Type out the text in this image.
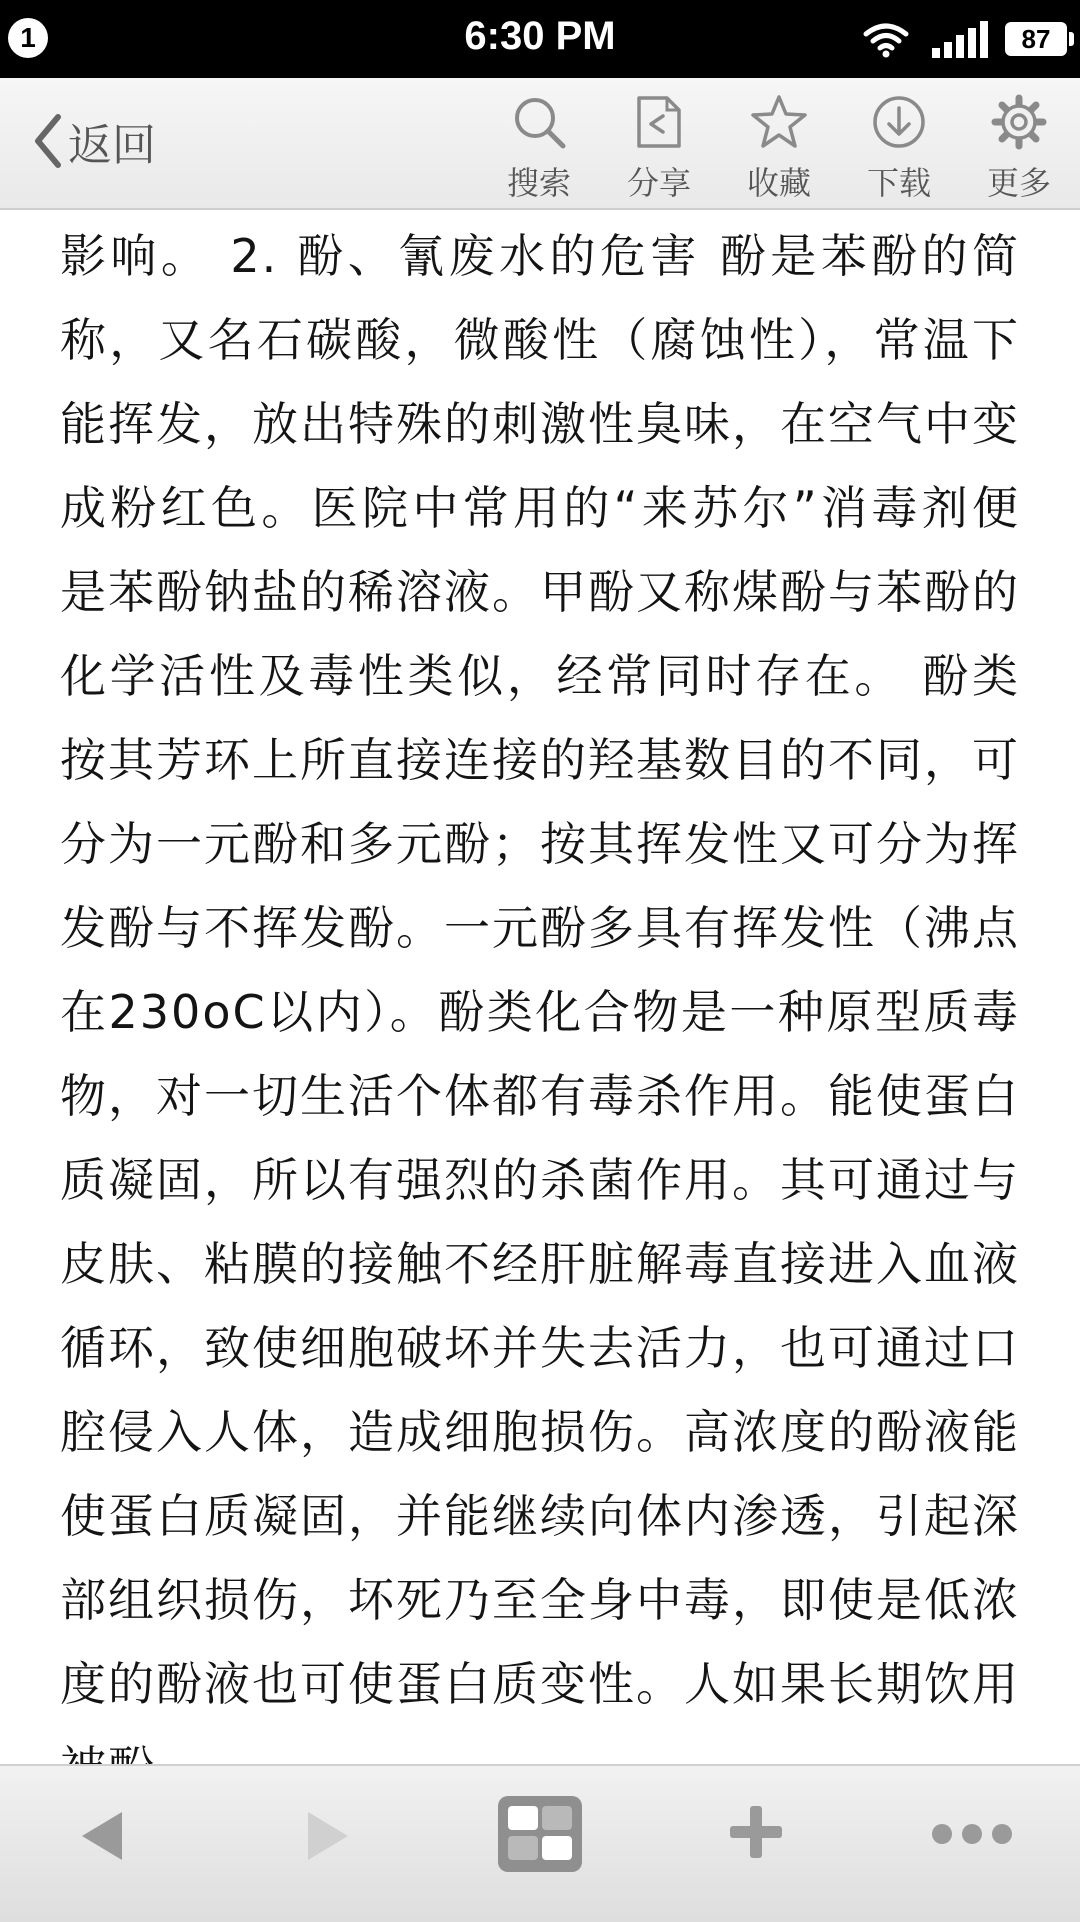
1	6:30 PM	87
返回
搜索	分享	收藏	下载	更多

影响。 2. 酚、氰废水的危害 酚是苯酚的简称，又名石碳酸，微酸性（腐蚀性），常温下能挥发，放出特殊的刺激性臭味，在空气中变成粉红色。医院中常用的“来苏尔”消毒剂便是苯酚钠盐的稀溶液。甲酚又称煤酚与苯酚的化学活性及毒性类似，经常同时存在。 酚类按其芳环上所直接连接的羟基数目的不同，可分为一元酚和多元酚；按其挥发性又可分为挥发酚与不挥发酚。一元酚多具有挥发性（沸点在230oC以内）。酚类化合物是一种原型质毒物，对一切生活个体都有毒杀作用。能使蛋白质凝固，所以有强烈的杀菌作用。其可通过与皮肤、粘膜的接触不经肝脏解毒直接进入血液循环，致使细胞破坏并失去活力，也可通过口腔侵入人体，造成细胞损伤。高浓度的酚液能使蛋白质凝固，并能继续向体内渗透，引起深部组织损伤，坏死乃至全身中毒，即使是低浓度的酚液也可使蛋白质变性。人如果长期饮用
